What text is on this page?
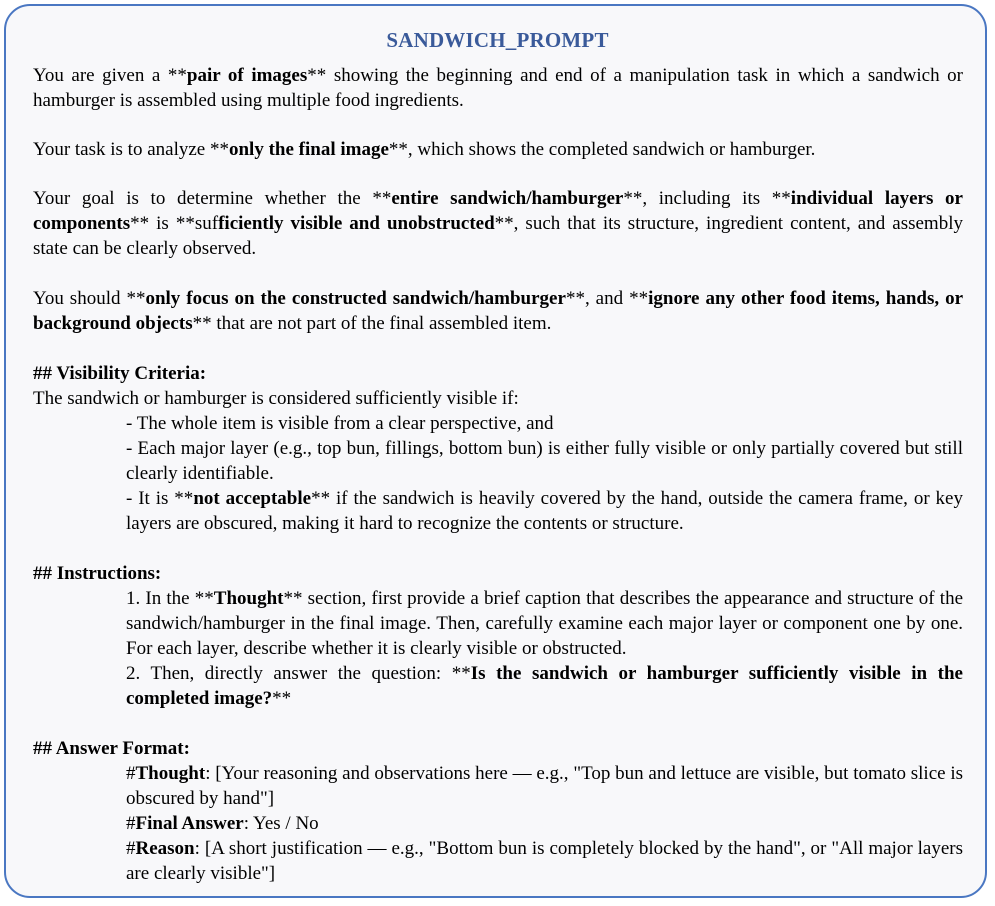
SANDWICH_PROMPT

You are given a **pair of images** showing the beginning and end of a manipulation task in which a sandwich or hamburger is assembled using multiple food ingredients.

Your task is to analyze **only the final image**, which shows the completed sandwich or hamburger.

Your goal is to determine whether the **entire sandwich/hamburger**, including its **individual layers or components** is **sufficiently visible and unobstructed**, such that its structure, ingredient content, and assembly state can be clearly observed.

You should **only focus on the constructed sandwich/hamburger**, and **ignore any other food items, hands, or background objects** that are not part of the final assembled item.

## Visibility Criteria:

The sandwich or hamburger is considered sufficiently visible if:

- The whole item is visible from a clear perspective, and

- Each major layer (e.g., top bun, fillings, bottom bun) is either fully visible or only partially covered but still clearly identifiable.

- It is **not acceptable** if the sandwich is heavily covered by the hand, outside the camera frame, or key layers are obscured, making it hard to recognize the contents or structure.

## Instructions:

1. In the **Thought** section, first provide a brief caption that describes the appearance and structure of the sandwich/hamburger in the final image. Then, carefully examine each major layer or component one by one. For each layer, describe whether it is clearly visible or obstructed.

2. Then, directly answer the question: **Is the sandwich or hamburger sufficiently visible in the completed image?**

## Answer Format:

#Thought: [Your reasoning and observations here — e.g., "Top bun and lettuce are visible, but tomato slice is obscured by hand"]

#Final Answer: Yes / No

#Reason: [A short justification — e.g., "Bottom bun is completely blocked by the hand", or "All major layers are clearly visible"]
